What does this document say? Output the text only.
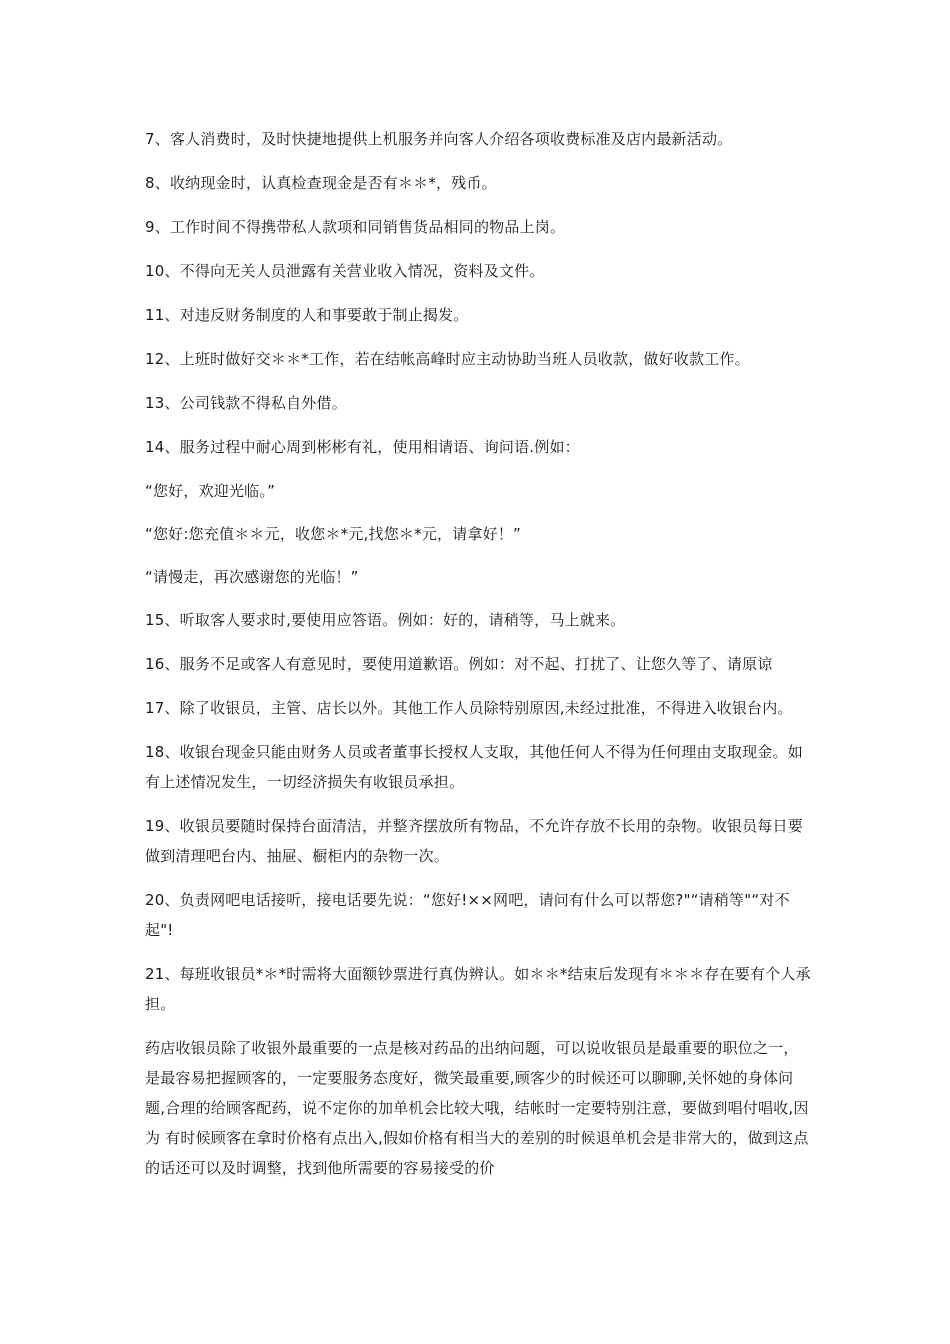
7、客人消费时，及时快捷地提供上机服务并向客人介绍各项收费标准及店内最新活动。

8、收纳现金时，认真检查现金是否有＊＊*，残币。

9、工作时间不得携带私人款项和同销售货品相同的物品上岗。

10、不得向无关人员泄露有关营业收入情况，资料及文件。

11、对违反财务制度的人和事要敢于制止揭发。

12、上班时做好交＊＊*工作，若在结帐高峰时应主动协助当班人员收款，做好收款工作。

13、公司钱款不得私自外借。

14、服务过程中耐心周到彬彬有礼，使用相请语、询问语.例如：

“您好，欢迎光临。”

“您好:您充值＊＊元，收您＊*元,找您＊*元，请拿好！”

“请慢走，再次感谢您的光临！”

15、听取客人要求时,要使用应答语。例如：好的，请稍等，马上就来。

16、服务不足或客人有意见时，要使用道歉语。例如：对不起、打扰了、让您久等了、请原谅

17、除了收银员，主管、店长以外。其他工作人员除特别原因,未经过批准，不得进入收银台内。

18、收银台现金只能由财务人员或者董事长授权人支取，其他任何人不得为任何理由支取现金。如有上述情况发生，一切经济损失有收银员承担。

19、收银员要随时保持台面清洁，并整齐摆放所有物品，不允许存放不长用的杂物。收银员每日要做到清理吧台内、抽屉、橱柜内的杂物一次。

20、负责网吧电话接听，接电话要先说：“您好!××网吧，请问有什么可以帮您?"“请稍等"“对不起"!

21、每班收银员*＊*时需将大面额钞票进行真伪辨认。如＊＊*结束后发现有＊＊＊存在要有个人承担。

药店收银员除了收银外最重要的一点是核对药品的出纳问题，可以说收银员是最重要的职位之一，是最容易把握顾客的，一定要服务态度好，微笑最重要,顾客少的时候还可以聊聊,关怀她的身体问题,合理的给顾客配药，说不定你的加单机会比较大哦，结帐时一定要特别注意，要做到唱付唱收,因为 有时候顾客在拿时价格有点出入,假如价格有相当大的差别的时候退单机会是非常大的，做到这点的话还可以及时调整，找到他所需要的容易接受的价
